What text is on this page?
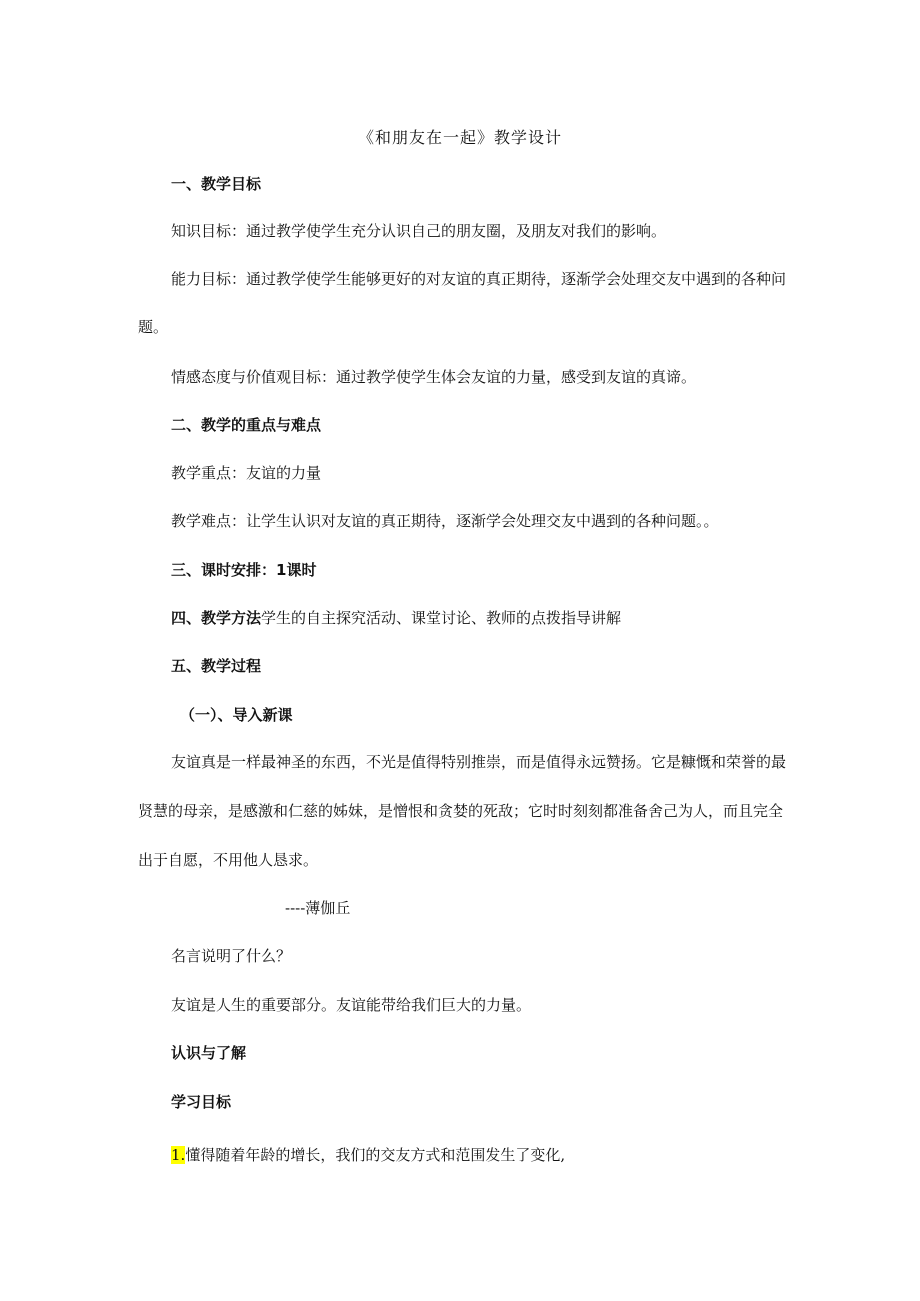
《和朋友在一起》教学设计
一、教学目标
知识目标：通过教学使学生充分认识自己的朋友圈，及朋友对我们的影响。
能力目标：通过教学使学生能够更好的对友谊的真正期待，逐渐学会处理交友中遇到的各种问
题。
情感态度与价值观目标：通过教学使学生体会友谊的力量，感受到友谊的真谛。
二、教学的重点与难点
教学重点：友谊的力量
教学难点：让学生认识对友谊的真正期待，逐渐学会处理交友中遇到的各种问题。。
三、课时安排：1课时
四、教学方法学生的自主探究活动、课堂讨论、教师的点拨指导讲解
五、教学过程
（一）、导入新课
友谊真是一样最神圣的东西，不光是值得特别推崇，而是值得永远赞扬。它是糠慨和荣誉的最
贤慧的母亲，是感激和仁慈的姊妹，是憎恨和贪婪的死敌；它时时刻刻都准备舍己为人，而且完全
出于自愿，不用他人恳求。
----薄伽丘
名言说明了什么？
友谊是人生的重要部分。友谊能带给我们巨大的力量。
认识与了解
学习目标
1.懂得随着年龄的增长，我们的交友方式和范围发生了变化,
